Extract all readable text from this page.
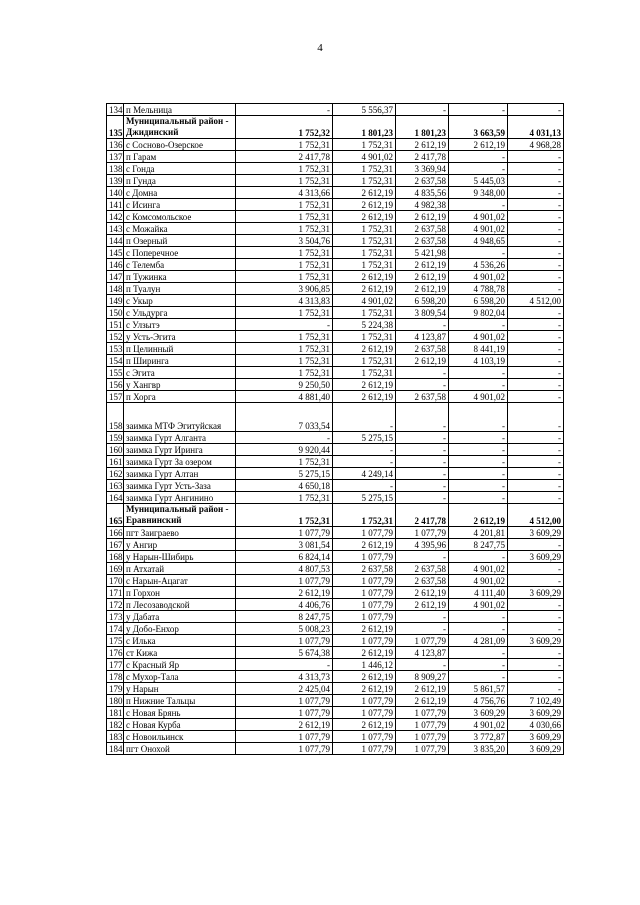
4
134	п Мельница	-	5 556,37	-	-	-
135	Муниципальный район - Джидинский	1 752,32	1 801,23	1 801,23	3 663,59	4 031,13
136	с Сосново-Озерское	1 752,31	1 752,31	2 612,19	2 612,19	4 968,28
137	п Гарам	2 417,78	4 901,02	2 417,78	-	-
138	с Гонда	1 752,31	1 752,31	3 369,94	-	-
139	п Гунда	1 752,31	1 752,31	2 637,58	5 445,03	-
140	с Домна	4 313,66	2 612,19	4 835,56	9 348,00	-
141	с Исинга	1 752,31	2 612,19	4 982,38	-	-
142	с Комсомольское	1 752,31	2 612,19	2 612,19	4 901,02	-
143	с Можайка	1 752,31	1 752,31	2 637,58	4 901,02	-
144	п Озерный	3 504,76	1 752,31	2 637,58	4 948,65	-
145	с Поперечное	1 752,31	1 752,31	5 421,98	-	-
146	с Телемба	1 752,31	1 752,31	2 612,19	4 536,26	-
147	п Тужинка	1 752,31	2 612,19	2 612,19	4 901,02	-
148	п Туалун	3 906,85	2 612,19	2 612,19	4 788,78	-
149	с Укыр	4 313,83	4 901,02	6 598,20	6 598,20	4 512,00
150	с Ульдурга	1 752,31	1 752,31	3 809,54	9 802,04	-
151	с Улзытэ	-	5 224,38	-	-	-
152	у Усть-Эгита	1 752,31	1 752,31	4 123,87	4 901,02	-
153	п Целинный	1 752,31	2 612,19	2 637,58	8 441,19	-
154	п Ширинга	1 752,31	1 752,31	2 612,19	4 103,19	-
155	с Эгита	1 752,31	1 752,31	-	-	-
156	у Хангвр	9 250,50	2 612,19	-	-	-
157	п Хорга	4 881,40	2 612,19	2 637,58	4 901,02	-
158	заимка МТФ Эгитуйская	7 033,54	-	-	-	-
159	заимка Гурт Алганта	-	5 275,15	-	-	-
160	заимка Гурт Иринга	9 920,44	-	-	-	-
161	заимка Гурт За озером	1 752,31	-	-	-	-
162	заимка Гурт Алтан	5 275,15	4 249,14	-	-	-
163	заимка Гурт Усть-Заза	4 650,18	-	-	-	-
164	заимка Гурт Ангинино	1 752,31	5 275,15	-	-	-
165	Муниципальный район - Еравнинский	1 752,31	1 752,31	2 417,78	2 612,19	4 512,00
166	пгт Заиграево	1 077,79	1 077,79	1 077,79	4 201,81	3 609,29
167	у Ангир	3 081,54	2 612,19	4 395,96	8 247,75	-
168	у Нарын-Шибирь	6 824,14	1 077,79	-	-	3 609,29
169	п Атхатай	4 807,53	2 637,58	2 637,58	4 901,02	-
170	с Нарын-Ацагат	1 077,79	1 077,79	2 637,58	4 901,02	-
171	п Горхон	2 612,19	1 077,79	2 612,19	4 111,40	3 609,29
172	п Лесозаводской	4 406,76	1 077,79	2 612,19	4 901,02	-
173	у Дабата	8 247,75	1 077,79	-	-	-
174	у Добо-Енхор	5 008,23	2 612,19	-	-	-
175	с Илька	1 077,79	1 077,79	1 077,79	4 281,09	3 609,29
176	ст Кижа	5 674,38	2 612,19	4 123,87	-	-
177	с Красный Яр	-	1 446,12	-	-	-
178	с Мухор-Тала	4 313,73	2 612,19	8 909,27	-	-
179	у Нарын	2 425,04	2 612,19	2 612,19	5 861,57	-
180	п Нижние Тальцы	1 077,79	1 077,79	2 612,19	4 756,76	7 102,49
181	с Новая Брянь	1 077,79	1 077,79	1 077,79	3 609,29	3 609,29
182	с Новая Курба	2 612,19	2 612,19	1 077,79	4 901,02	4 030,66
183	с Новоильинск	1 077,79	1 077,79	1 077,79	3 772,87	3 609,29
184	пгт Онохой	1 077,79	1 077,79	1 077,79	3 835,20	3 609,29
